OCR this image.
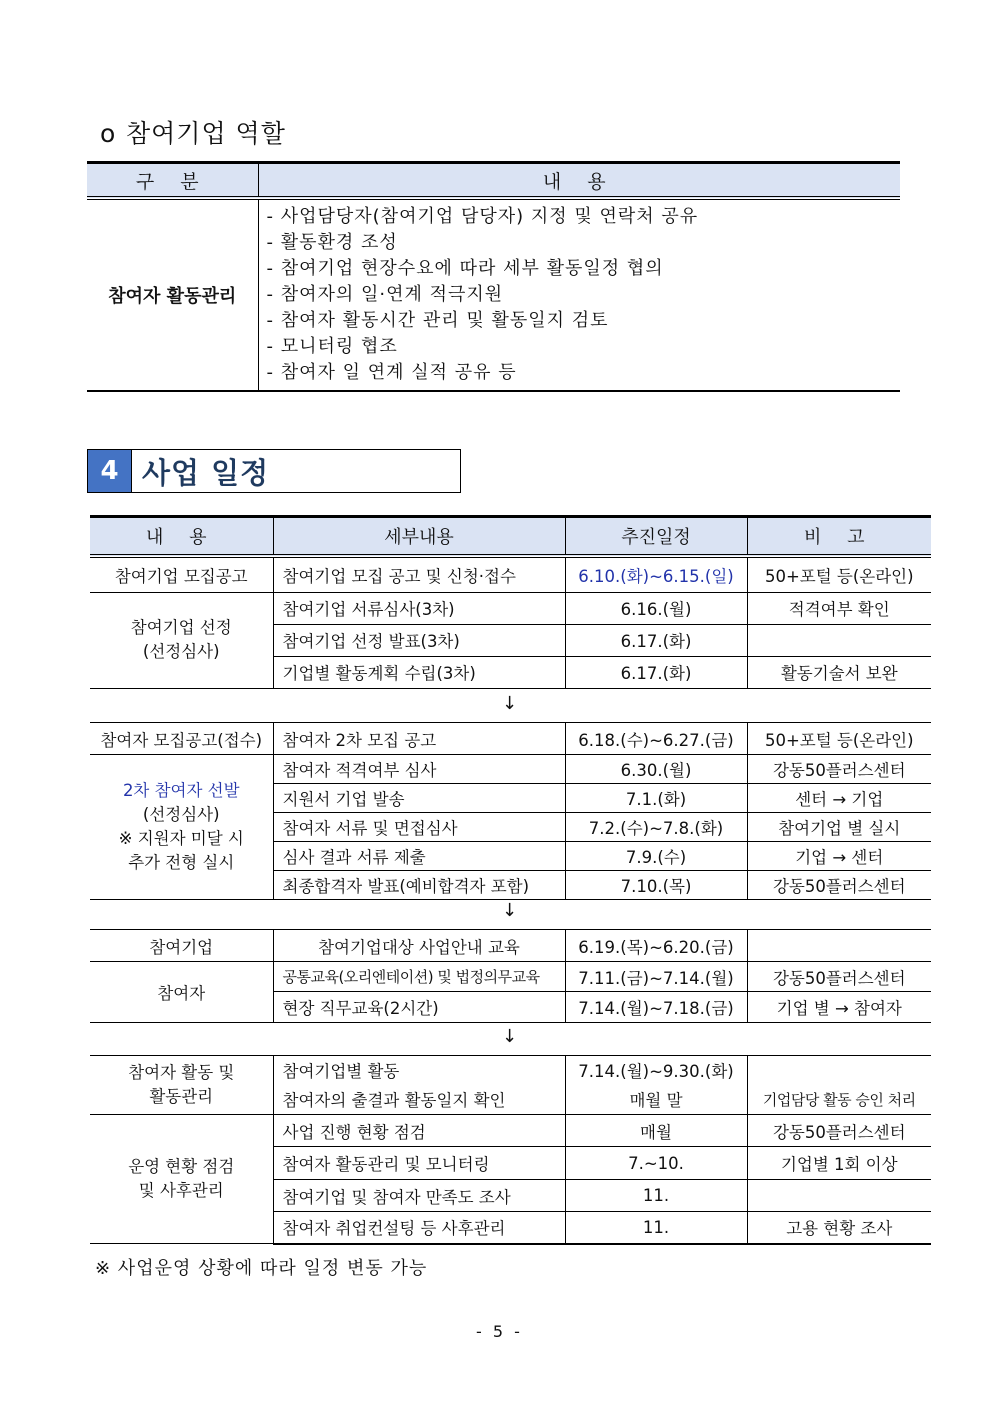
o 참여기업 역할
구 분	내 용
참여자 활동관리	
- 사업담당자(참여기업 담당자) 지정 및 연락처 공유
- 활동환경 조성
- 참여기업 현장수요에 따라 세부 활동일정 협의
- 참여자의 일·연계 적극지원
- 참여자 활동시간 관리 및 활동일지 검토
- 모니터링 협조
- 참여자 일 연계 실적 공유 등
4 사업 일정
내 용	세부내용	추진일정	비 고
참여기업 모집공고	참여기업 모집 공고 및 신청·접수	6.10.(화)~6.15.(일)	50+포털 등(온라인)

참여기업 선정
(선정심사)	참여기업 서류심사(3차)	6.16.(월)	적격여부 확인
	참여기업 선정 발표(3차)	6.17.(화)	
	기업별 활동계획 수립(3차)	6.17.(화)	활동기술서 보완
↓
참여자 모집공고(접수)	참여자 2차 모집 공고	6.18.(수)~6.27.(금)	50+포털 등(온라인)

2차 참여자 선발
(선정심사)
※ 지원자 미달 시
추가 전형 실시	참여자 적격여부 심사	6.30.(월)	강동50플러스센터
	지원서 기업 발송	7.1.(화)	센터 → 기업
	참여자 서류 및 면접심사	7.2.(수)~7.8.(화)	참여기업 별 실시
	심사 결과 서류 제출	7.9.(수)	기업 → 센터
	최종합격자 발표(예비합격자 포함)	7.10.(목)	강동50플러스센터
↓
참여기업	참여기업대상 사업안내 교육	6.19.(목)~6.20.(금)	
참여자	공통교육(오리엔테이션) 및 법정의무교육	7.11.(금)~7.14.(월)	강동50플러스센터
	현장 직무교육(2시간)	7.14.(월)~7.18.(금)	기업 별 → 참여자
↓
참여자 활동 및
활동관리	참여기업별 활동	7.14.(월)~9.30.(화)	
	참여자의 출결과 활동일지 확인	매월 말	기업담당 활동 승인 처리

운영 현황 점검
및 사후관리	사업 진행 현황 점검	매월	강동50플러스센터
	참여자 활동관리 및 모니터링	7.~10.	기업별 1회 이상
	참여기업 및 참여자 만족도 조사	11.	
	참여자 취업컨설팅 등 사후관리	11.	고용 현황 조사
※ 사업운영 상황에 따라 일정 변동 가능
- 5 -
